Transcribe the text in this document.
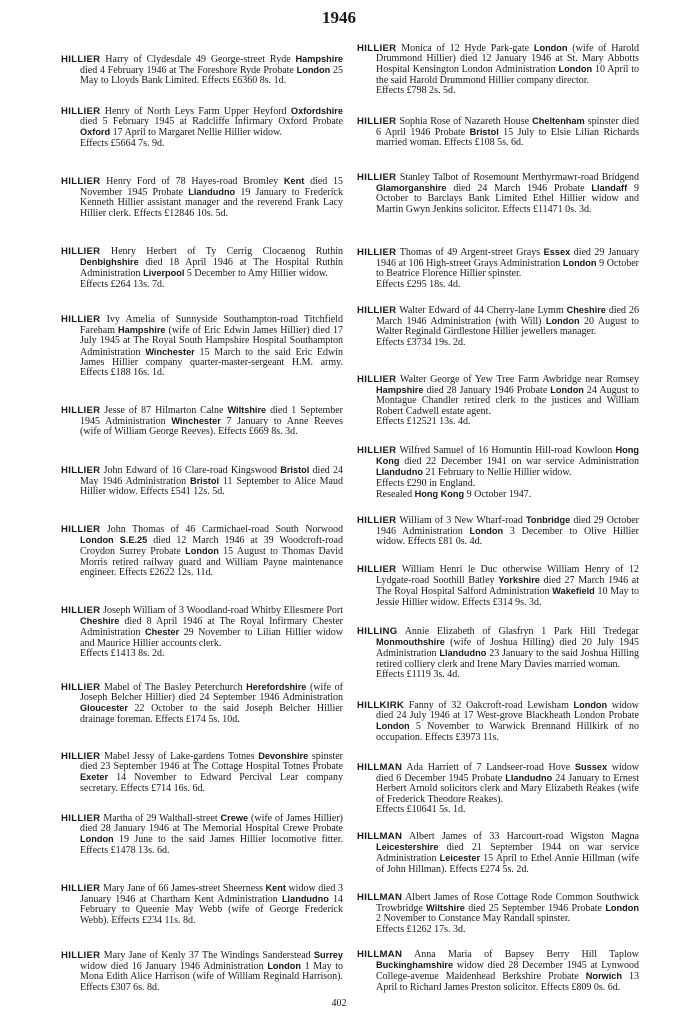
1946
HILLIER Harry of Clydesdale 49 George-street Ryde Hampshire died 4 February 1946 at The Foreshore Ryde Probate London 25 May to Lloyds Bank Limited. Effects £6360 8s. 1d.
HILLIER Henry of North Leys Farm Upper Heyford Oxfordshire died 5 February 1945 at Radcliffe Infirmary Oxford Probate Oxford 17 April to Margaret Nellie Hillier widow.
Effects £5664 7s. 9d.
HILLIER Henry Ford of 78 Hayes-road Bromley Kent died 15 November 1945 Probate Llandudno 19 January to Frederick Kenneth Hillier assistant manager and the reverend Frank Lacy Hillier clerk. Effects £12846 10s. 5d.
HILLIER Henry Herbert of Ty Cerrig Clocaenog Ruthin Denbighshire died 18 April 1946 at The Hospital Ruthin Administration Liverpool 5 December to Amy Hillier widow.
Effects £264 13s. 7d.
HILLIER Ivy Amelia of Sunnyside Southampton-road Titchfield Fareham Hampshire (wife of Eric Edwin James Hillier) died 17 July 1945 at The Royal South Hampshire Hospital Southampton Administration Winchester 15 March to the said Eric Edwin James Hillier company quarter-master-sergeant H.M. army. Effects £188 16s. 1d.
HILLIER Jesse of 87 Hilmarton Calne Wiltshire died 1 September 1945 Administration Winchester 7 January to Anne Reeves (wife of William George Reeves). Effects £669 8s. 3d.
HILLIER John Edward of 16 Clare-road Kingswood Bristol died 24 May 1946 Administration Bristol 11 September to Alice Maud Hillier widow. Effects £541 12s. 5d.
HILLIER John Thomas of 46 Carmichael-road South Norwood London S.E.25 died 12 March 1946 at 39 Woodcroft-road Croydon Surrey Probate London 15 August to Thomas David Morris retired railway guard and William Payne maintenance engineer. Effects £2622 12s. 11d.
HILLIER Joseph William of 3 Woodland-road Whitby Ellesmere Port Cheshire died 8 April 1946 at The Royal Infirmary Chester Administration Chester 29 November to Lilian Hillier widow and Maurice Hillier accounts clerk.
Effects £1413 8s. 2d.
HILLIER Mabel of The Basley Peterchurch Herefordshire (wife of Joseph Belcher Hillier) died 24 September 1946 Administration Gloucester 22 October to the said Joseph Belcher Hillier drainage foreman. Effects £174 5s. 10d.
HILLIER Mabel Jessy of Lake-gardens Totnes Devonshire spinster died 23 September 1946 at The Cottage Hospital Totnes Probate Exeter 14 November to Edward Percival Lear company secretary. Effects £714 16s. 6d.
HILLIER Martha of 29 Walthall-street Crewe (wife of James Hillier) died 28 January 1946 at The Memorial Hospital Crewe Probate London 19 June to the said James Hillier locomotive fitter. Effects £1478 13s. 6d.
HILLIER Mary Jane of 66 James-street Sheerness Kent widow died 3 January 1946 at Chartham Kent Administration Llandudno 14 February to Queenie May Webb (wife of George Frederick Webb). Effects £234 11s. 8d.
HILLIER Mary Jane of Kenly 37 The Windings Sanderstead Surrey widow died 16 January 1946 Administration London 1 May to Mona Edith Alice Harrison (wife of William Reginald Harrison). Effects £307 6s. 8d.
HILLIER Monica of 12 Hyde Park-gate London (wife of Harold Drummond Hillier) died 12 January 1946 at St. Mary Abbotts Hospital Kensington London Administration London 10 April to the said Harold Drummond Hillier company director.
Effects £798 2s. 5d.
HILLIER Sophia Rose of Nazareth House Cheltenham spinster died 6 April 1946 Probate Bristol 15 July to Elsie Lilian Richards married woman. Effects £108 5s. 6d.
HILLIER Stanley Talbot of Rosemount Merthyrmawr-road Bridgend Glamorganshire died 24 March 1946 Probate Llandaff 9 October to Barclays Bank Limited Ethel Hillier widow and Martin Gwyn Jenkins solicitor. Effects £11471 0s. 3d.
HILLIER Thomas of 49 Argent-street Grays Essex died 29 January 1946 at 106 High-street Grays Administration London 9 October to Beatrice Florence Hillier spinster.
Effects £295 18s. 4d.
HILLIER Walter Edward of 44 Cherry-lane Lymm Cheshire died 26 March 1946 Administration (with Will) London 20 August to Walter Reginald Girdlestone Hillier jewellers manager.
Effects £3734 19s. 2d.
HILLIER Walter George of Yew Tree Farm Awbridge near Romsey Hampshire died 28 January 1946 Probate London 24 August to Montague Chandler retired clerk to the justices and William Robert Cadwell estate agent.
Effects £12521 13s. 4d.
HILLIER Wilfred Samuel of 16 Homuntin Hill-road Kowloon Hong Kong died 22 December 1941 on war service Administration Llandudno 21 February to Nellie Hillier widow.
Effects £290 in England.
Resealed Hong Kong 9 October 1947.
HILLIER William of 3 New Wharf-road Tonbridge died 29 October 1946 Administration London 3 December to Olive Hillier widow. Effects £81 0s. 4d.
HILLIER William Henri le Duc otherwise William Henry of 12 Lydgate-road Soothill Batley Yorkshire died 27 March 1946 at The Royal Hospital Salford Administration Wakefield 10 May to Jessie Hillier widow. Effects £314 9s. 3d.
HILLING Annie Elizabeth of Glasfryn 1 Park Hill Tredegar Monmouthshire (wife of Joshua Hilling) died 20 July 1945 Administration Llandudno 23 January to the said Joshua Hilling retired colliery clerk and Irene Mary Davies married woman.
Effects £1119 3s. 4d.
HILLKIRK Fanny of 32 Oakcroft-road Lewisham London widow died 24 July 1946 at 17 West-grove Blackheath London Probate London 5 November to Warwick Brennand Hillkirk of no occupation. Effects £3973 11s.
HILLMAN Ada Harriett of 7 Landseer-road Hove Sussex widow died 6 December 1945 Probate Llandudno 24 January to Ernest Herbert Arnold solicitors clerk and Mary Elizabeth Reakes (wife of Frederick Theodore Reakes).
Effects £10641 5s. 1d.
HILLMAN Albert James of 33 Harcourt-road Wigston Magna Leicestershire died 21 September 1944 on war service Administration Leicester 15 April to Ethel Annie Hillman (wife of John Hillman). Effects £274 5s. 2d.
HILLMAN Albert James of Rose Cottage Rode Common Southwick Trowbridge Wiltshire died 25 September 1946 Probate London 2 November to Constance May Randall spinster.
Effects £1262 17s. 3d.
HILLMAN Anna Maria of Bapsey Berry Hill Taplow Buckinghamshire widow died 28 December 1945 at Lynwood College-avenue Maidenhead Berkshire Probate Norwich 13 April to Richard James Preston solicitor. Effects £809 0s. 6d.
402
